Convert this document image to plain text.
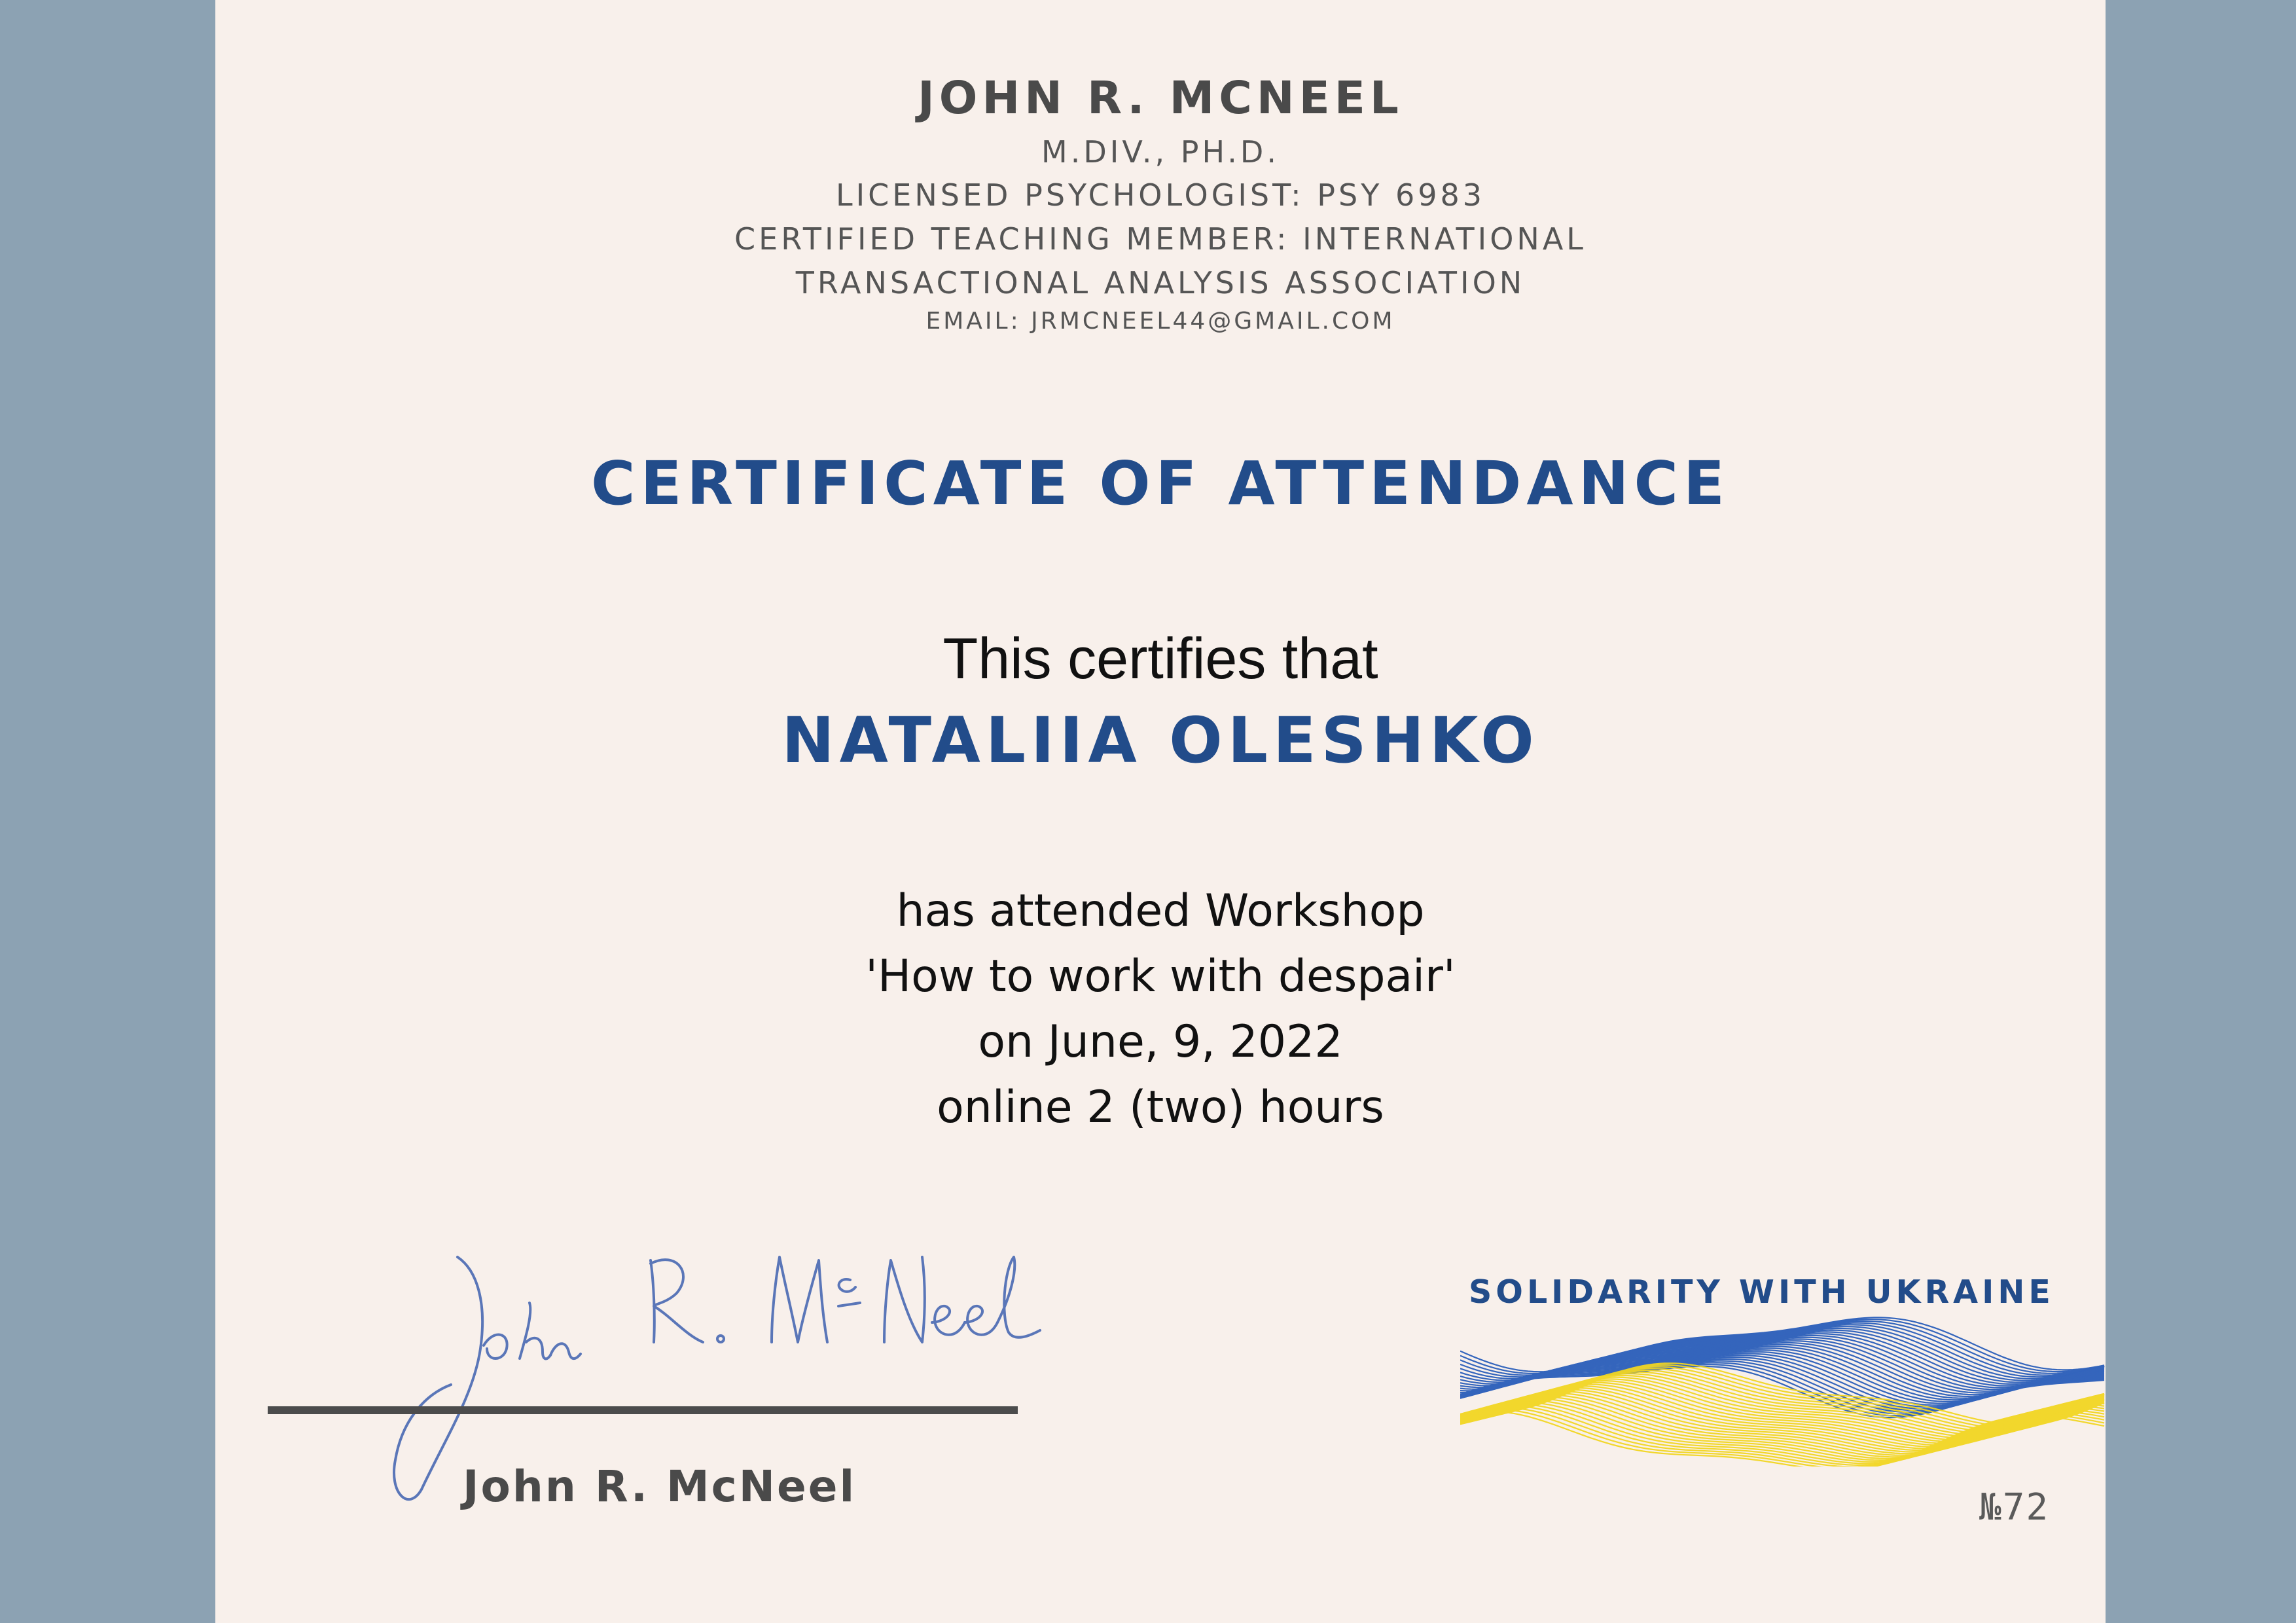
JOHN R. MCNEEL
M.DIV., PH.D.
LICENSED PSYCHOLOGIST: PSY 6983
CERTIFIED TEACHING MEMBER: INTERNATIONAL
TRANSACTIONAL ANALYSIS ASSOCIATION
EMAIL: JRMCNEEL44@GMAIL.COM
CERTIFICATE OF ATTENDANCE
This certifies that
NATALIIA OLESHKO
has attended Workshop
'How to work with despair'
on June, 9, 2022
online 2 (two) hours
John R. McNeel
SOLIDARITY WITH UKRAINE
№72
